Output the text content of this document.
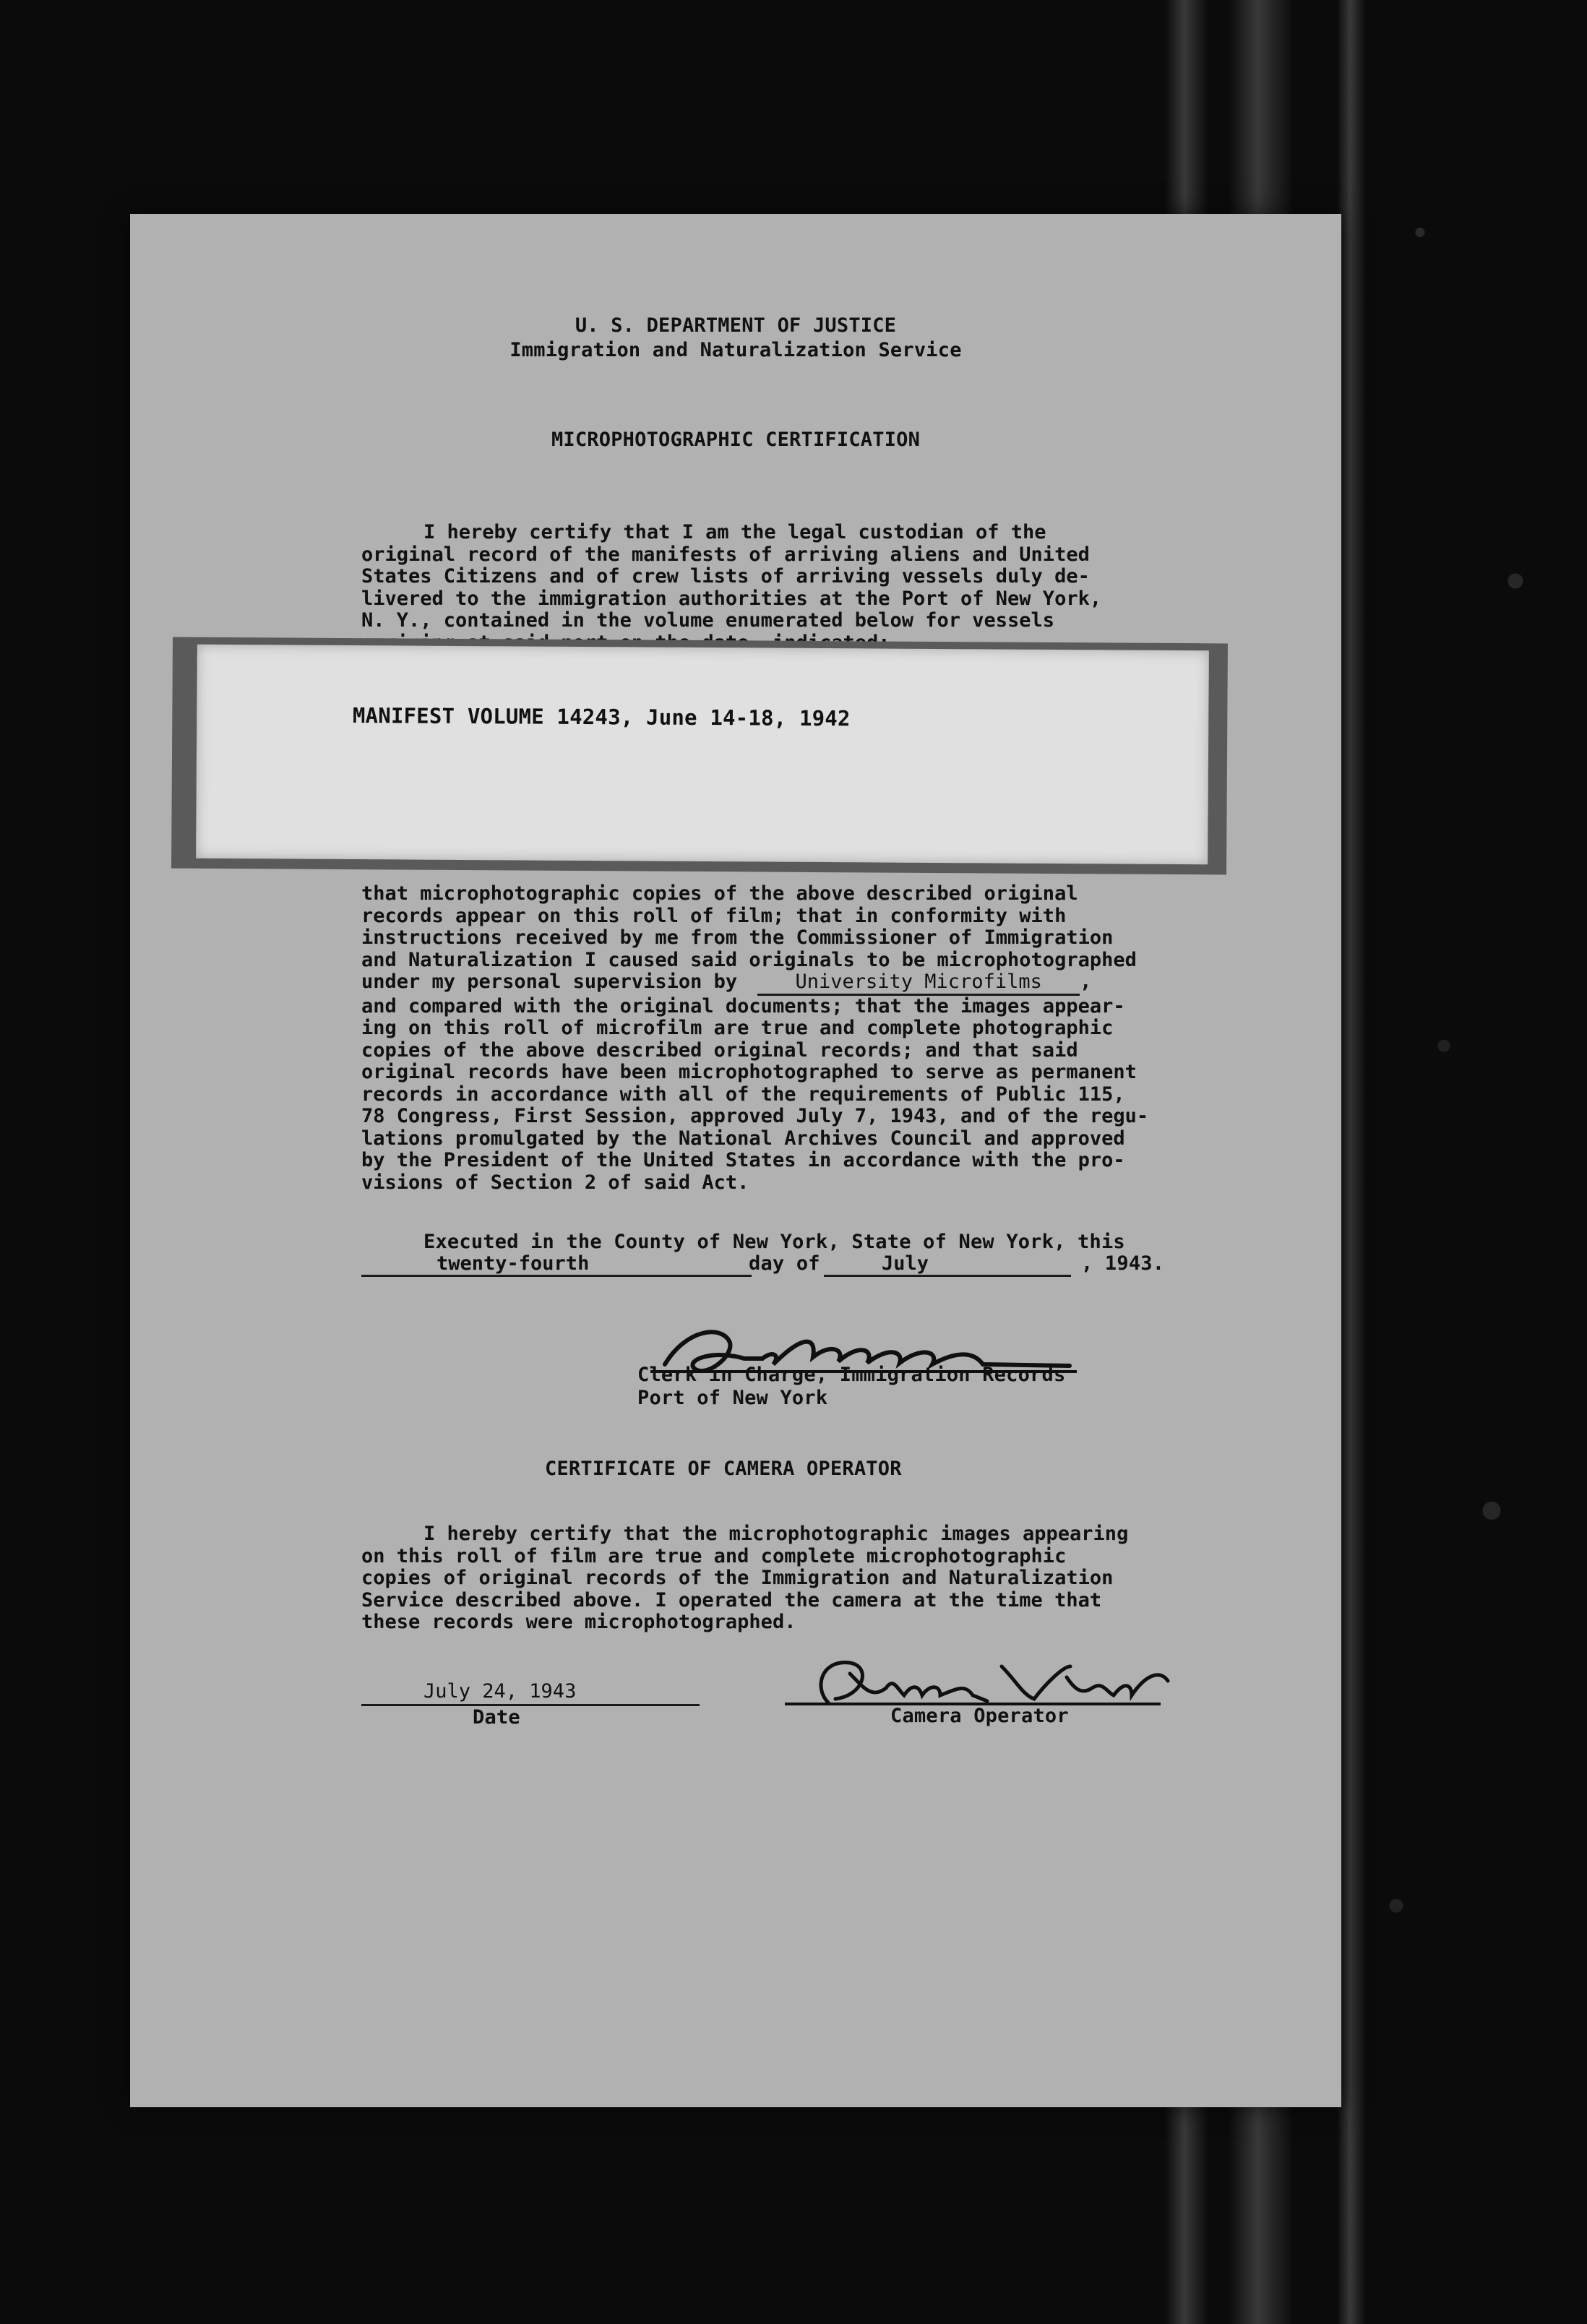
U. S. DEPARTMENT OF JUSTICE
Immigration and Naturalization Service
MICROPHOTOGRAPHIC CERTIFICATION
I hereby certify that I am the legal custodian of the
original record of the manifests of arriving aliens and United
States Citizens and of crew lists of arriving vessels duly de-
livered to the immigration authorities at the Port of New York,
N. Y., contained in the volume enumerated below for vessels
MANIFEST VOLUME 14243, June 14-18, 1942
that microphotographic copies of the above described original
records appear on this roll of film; that in conformity with
instructions received by me from the Commissioner of Immigration
and Naturalization I caused said originals to be microphotographed
under my personal supervision by	University Microfilms ,
and compared with the original documents; that the images appear-
ing on this roll of microfilm are true and complete photographic
copies of the above described original records; and that said
original records have been microphotographed to serve as permanent
records in accordance with all of the requirements of Public 115,
78 Congress, First Session, approved July 7, 1943, and of the regu-
lations promulgated by the National Archives Council and approved
by the President of the United States in accordance with the pro-
visions of Section 2 of said Act.
Executed in the County of New York, State of New York, this
twenty-fourth	day of	July	, 1943.
Clerk in Charge, Immigration Records
Port of New York
CERTIFICATE OF CAMERA OPERATOR
I hereby certify that the microphotographic images appearing
on this roll of film are true and complete microphotographic
copies of original records of the Immigration and Naturalization
Service described above. I operated the camera at the time that
these records were microphotographed.
July 24, 1943
Date	Camera Operator
